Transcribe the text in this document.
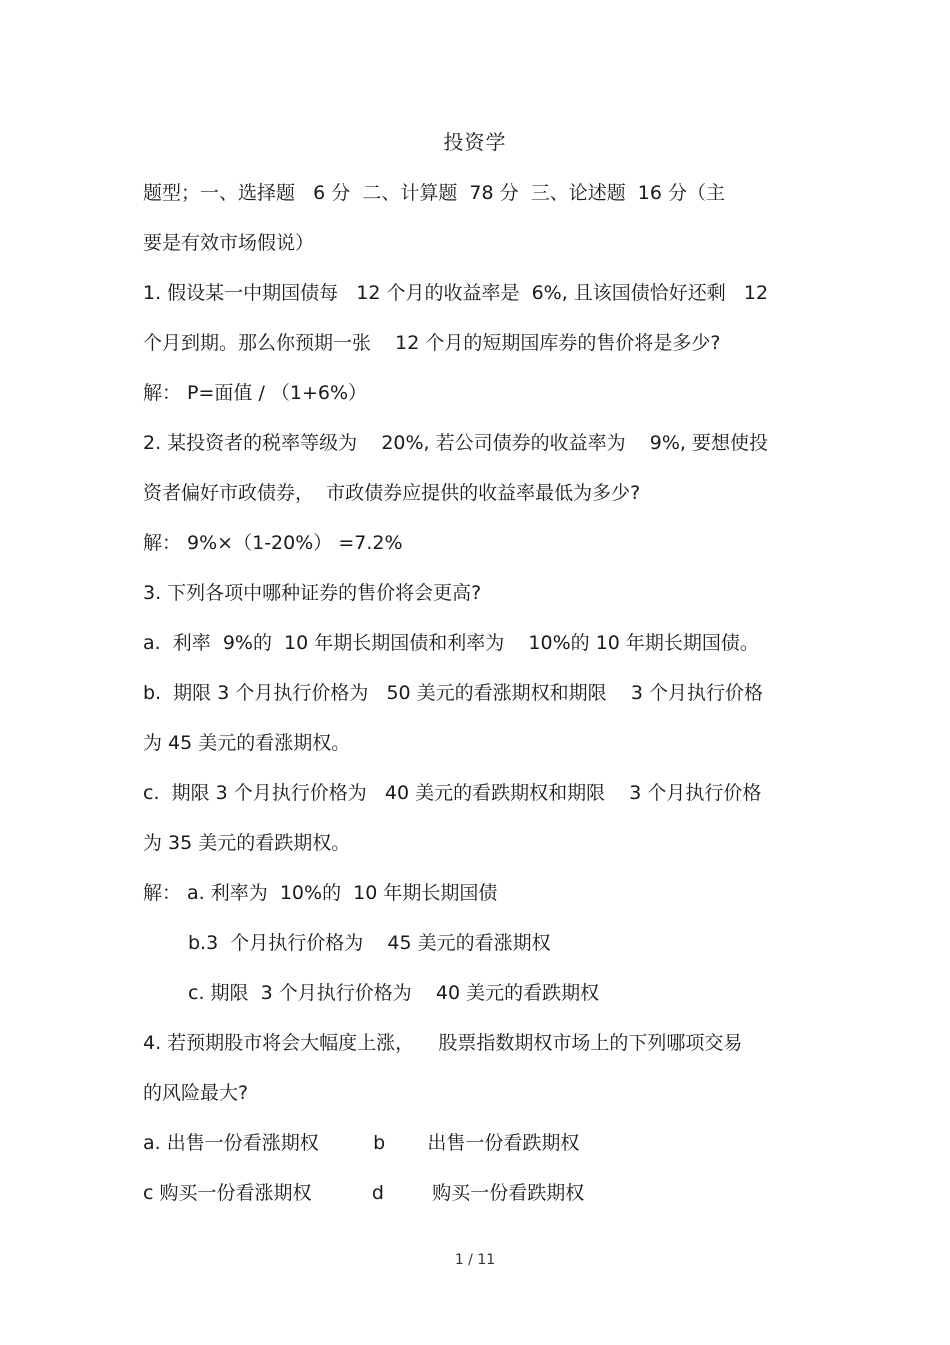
投资学
题型；一、选择题   6 分  二、计算题  78 分  三、论述题  16 分（主
要是有效市场假说）
1. 假设某一中期国债每   12 个月的收益率是  6%, 且该国债恰好还剩   12
个月到期。那么你预期一张    12 个月的短期国库券的售价将是多少?
解： P=面值 / （1+6%）
2. 某投资者的税率等级为    20%, 若公司债券的收益率为    9%, 要想使投
资者偏好市政债券，  市政债券应提供的收益率最低为多少?
解： 9%×（1-20%） =7.2%
3. 下列各项中哪种证券的售价将会更高?
a.  利率  9%的  10 年期长期国债和利率为    10%的 10 年期长期国债。
b.  期限 3 个月执行价格为   50 美元的看涨期权和期限    3 个月执行价格
为 45 美元的看涨期权。
c.  期限 3 个月执行价格为   40 美元的看跌期权和期限    3 个月执行价格
为 35 美元的看跌期权。
解： a. 利率为  10%的  10 年期长期国债
b.3  个月执行价格为    45 美元的看涨期权
c. 期限  3 个月执行价格为    40 美元的看跌期权
4. 若预期股市将会大幅度上涨，    股票指数期权市场上的下列哪项交易
的风险最大?
a. 出售一份看涨期权         b       出售一份看跌期权
c 购买一份看涨期权          d        购买一份看跌期权
1 / 11
